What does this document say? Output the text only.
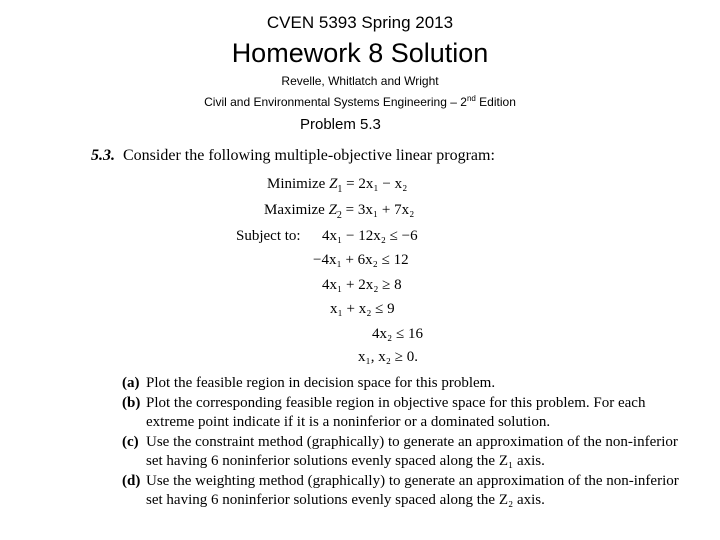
CVEN 5393 Spring 2013
Homework 8 Solution
Revelle, Whitlatch and Wright
Civil and Environmental Systems Engineering – 2nd Edition
Problem 5.3
5.3. Consider the following multiple-objective linear program:
Minimize $Z_1 = 2x_1 - x_2$
Maximize $Z_2 = 3x_1 + 7x_2$
Subject to: 4x₁ − 12x₂ ≤ −6
−4x₁ + 6x₂ ≤ 12
4x₁ + 2x₂ ≥ 8
x₁ + x₂ ≤ 9
4x₂ ≤ 16
x₁, x₂ ≥ 0.
(a) Plot the feasible region in decision space for this problem.
(b) Plot the corresponding feasible region in objective space for this problem. For each extreme point indicate if it is a noninferior or a dominated solution.
(c) Use the constraint method (graphically) to generate an approximation of the non-inferior set having 6 noninferior solutions evenly spaced along the Z₁ axis.
(d) Use the weighting method (graphically) to generate an approximation of the non-inferior set having 6 noninferior solutions evenly spaced along the Z₂ axis.
